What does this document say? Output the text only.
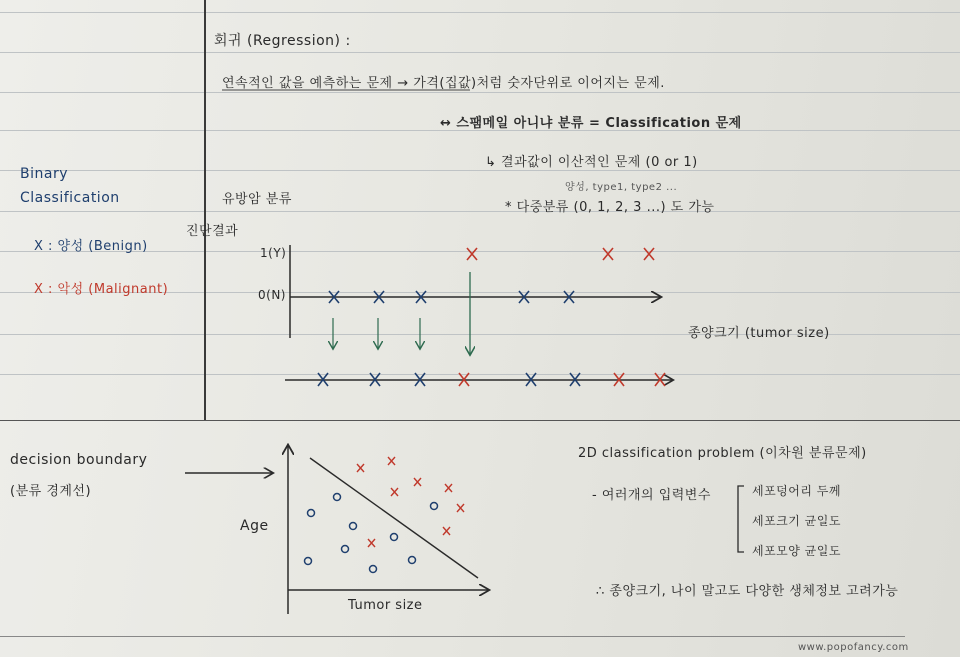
회귀 (Regression) :
연속적인 값을 예측하는 문제 → 가격(집값)처럼 숫자단위로 이어지는 문제.
↔ 스팸메일 아니냐 분류 = Classification 문제
↳ 결과값이 이산적인 문제 (0 or 1)
양성, type1, type2 ...
* 다중분류 (0, 1, 2, 3 ...) 도 가능
Binary
Classification
X : 양성 (Benign)
X : 악성 (Malignant)
유방암 분류
진단결과
1(Y)
0(N)
종양크기 (tumor size)
decision boundary
(분류 경계선)
Age
Tumor size
2D classification problem (이차원 분류문제)
- 여러개의 입력변수	세포덩어리 두께
세포크기 균일도
세포모양 균일도
∴ 종양크기, 나이 말고도 다양한 생체정보 고려가능
www.popofancy.com
